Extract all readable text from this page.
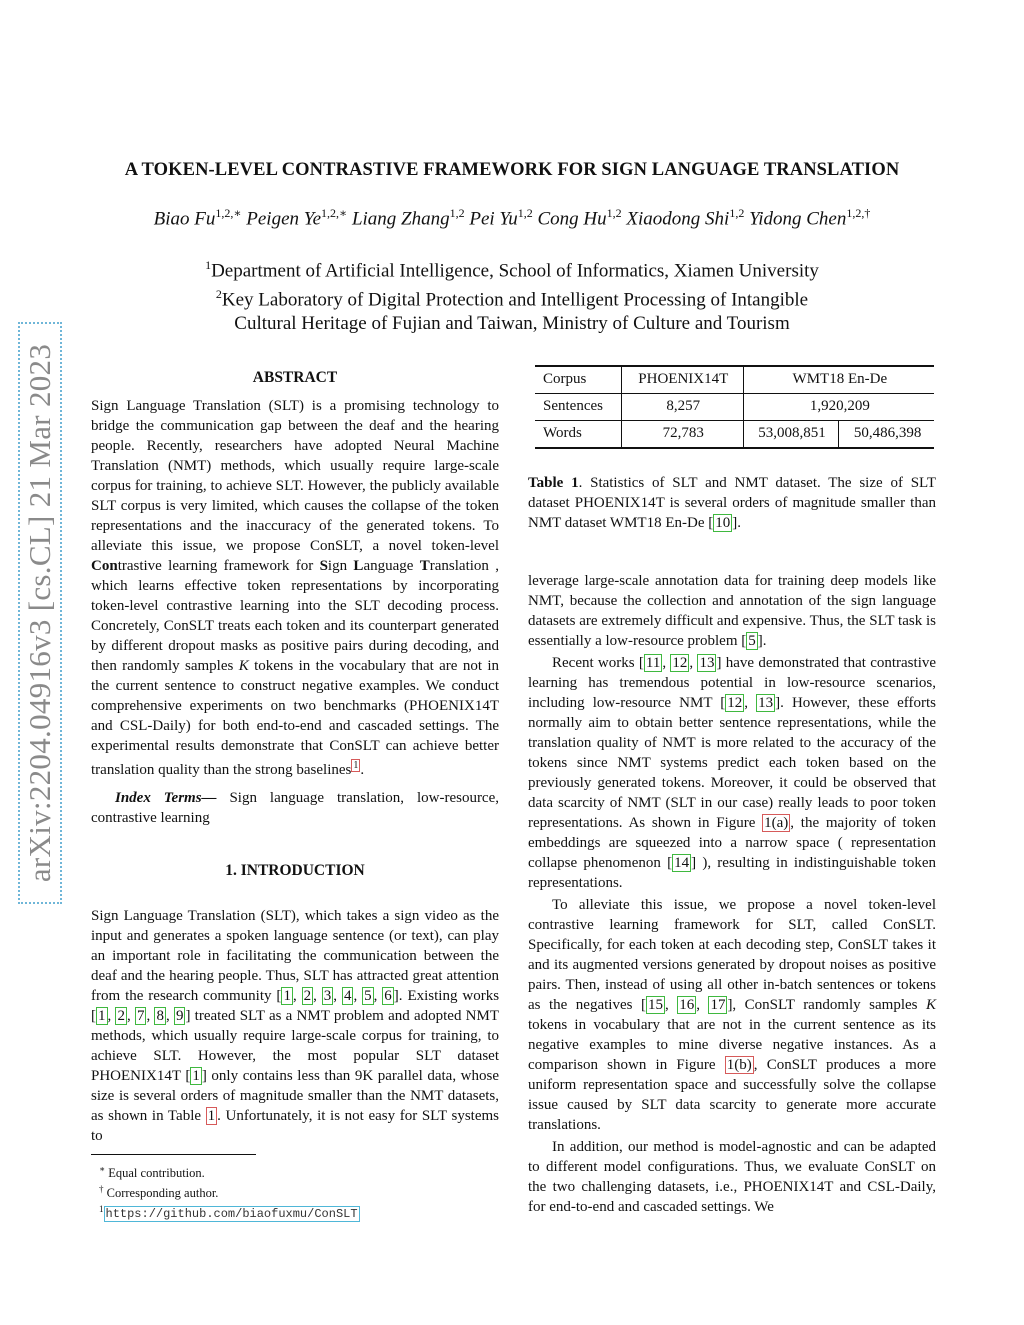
arXiv:2204.04916v3 [cs.CL] 21 Mar 2023
A TOKEN-LEVEL CONTRASTIVE FRAMEWORK FOR SIGN LANGUAGE TRANSLATION
Biao $Fu^{1,2,∗}$ Peigen $Ye^{1,2,∗}$ Liang Zhang$^{1,2}$ Pei Yu$^{1,2}$ Cong Hu$^{1,2}$ Xiaodong Shi$^{1,2}$ Yidong Chen$^{1,2,\dagger}$
$^1$Department of Artificial Intelligence, School of Informatics, Xiamen University
$^2$Key Laboratory of Digital Protection and Intelligent Processing of Intangible
Cultural Heritage of Fujian and Taiwan, Ministry of Culture and Tourism
ABSTRACT

Sign Language Translation (SLT) is a promising technology to bridge the communication gap between the deaf and the hearing people. Recently, researchers have adopted Neural Machine Translation (NMT) methods, which usually require large-scale corpus for training, to achieve SLT. However, the publicly available SLT corpus is very limited, which causes the collapse of the token representations and the inaccuracy of the generated tokens. To alleviate this issue, we propose ConSLT, a novel token-level Contrastive learning framework for Sign Language Translation , which learns effective token representations by incorporating token-level contrastive learning into the SLT decoding process. Concretely, ConSLT treats each token and its counterpart generated by different dropout masks as positive pairs during decoding, and then randomly samples K tokens in the vocabulary that are not in the current sentence to construct negative examples. We conduct comprehensive experiments on two benchmarks (PHOENIX14T and CSL-Daily) for both end-to-end and cascaded settings. The experimental results demonstrate that ConSLT can achieve better translation quality than the strong baselines $^1$ .

Index Terms— Sign language translation, low-resource, contrastive learning

1. INTRODUCTION

Sign Language Translation (SLT), which takes a sign video as the input and generates a spoken language sentence (or text), can play an important role in facilitating the communication between the deaf and the hearing people. Thus, SLT has attracted great attention from the research community [ 1 , 2 , 3 , 4 , 5 , 6 ]. Existing works [ 1 , 2 , 7 , 8 , 9 ] treated SLT as a NMT problem and adopted NMT methods, which usually require large-scale corpus for training, to achieve SLT. However, the most popular SLT dataset PHOENIX14T [ 1 ] only contains less than 9K parallel data, whose size is several orders of magnitude smaller than the NMT datasets, as shown in Table 1 . Unfortunately, it is not easy for SLT systems to

∗ Equal contribution.

† Corresponding author.

$^1$ https://github.com/biaofuxmu/ConSLT

Corpus	PHOENIX14T	WMT18 En-De	
Sentences	8,257	1,920,209	
Words	72,783	53,008,851	50,486,398

Table 1. Statistics of SLT and NMT dataset. The size of SLT dataset PHOENIX14T is several orders of magnitude smaller than NMT dataset WMT18 En-De [ 10 ].

leverage large-scale annotation data for training deep models like NMT, because the collection and annotation of the sign language datasets are extremely difficult and expensive. Thus, the SLT task is essentially a low-resource problem [ 5 ].

Recent works [ 11 , 12 , 13 ] have demonstrated that contrastive learning has tremendous potential in low-resource scenarios, including low-resource NMT [ 12 , 13 ]. However, these efforts normally aim to obtain better sentence representations, while the translation quality of NMT is more related to the accuracy of the tokens since NMT systems predict each token based on the previously generated tokens. Moreover, it could be observed that data scarcity of NMT (SLT in our case) really leads to poor token representations. As shown in Figure 1(a) , the majority of token embeddings are squeezed into a narrow space ( representation collapse phenomenon [ 14 ] ), resulting in indistinguishable token representations.

To alleviate this issue, we propose a novel token-level contrastive learning framework for SLT, called ConSLT. Specifically, for each token at each decoding step, ConSLT takes it and its augmented versions generated by dropout noises as positive pairs. Then, instead of using all other in-batch sentences or tokens as the negatives [ 15 , 16 , 17 ], ConSLT randomly samples K tokens in vocabulary that are not in the current sentence as its negative examples to mine diverse negative instances. As a comparison shown in Figure 1(b) , ConSLT produces a more uniform representation space and successfully solve the collapse issue caused by SLT data scarcity to generate more accurate translations.

In addition, our method is model-agnostic and can be adapted to different model configurations. Thus, we evaluate ConSLT on the two challenging datasets, i.e., PHOENIX14T and CSL-Daily, for end-to-end and cascaded settings. We
